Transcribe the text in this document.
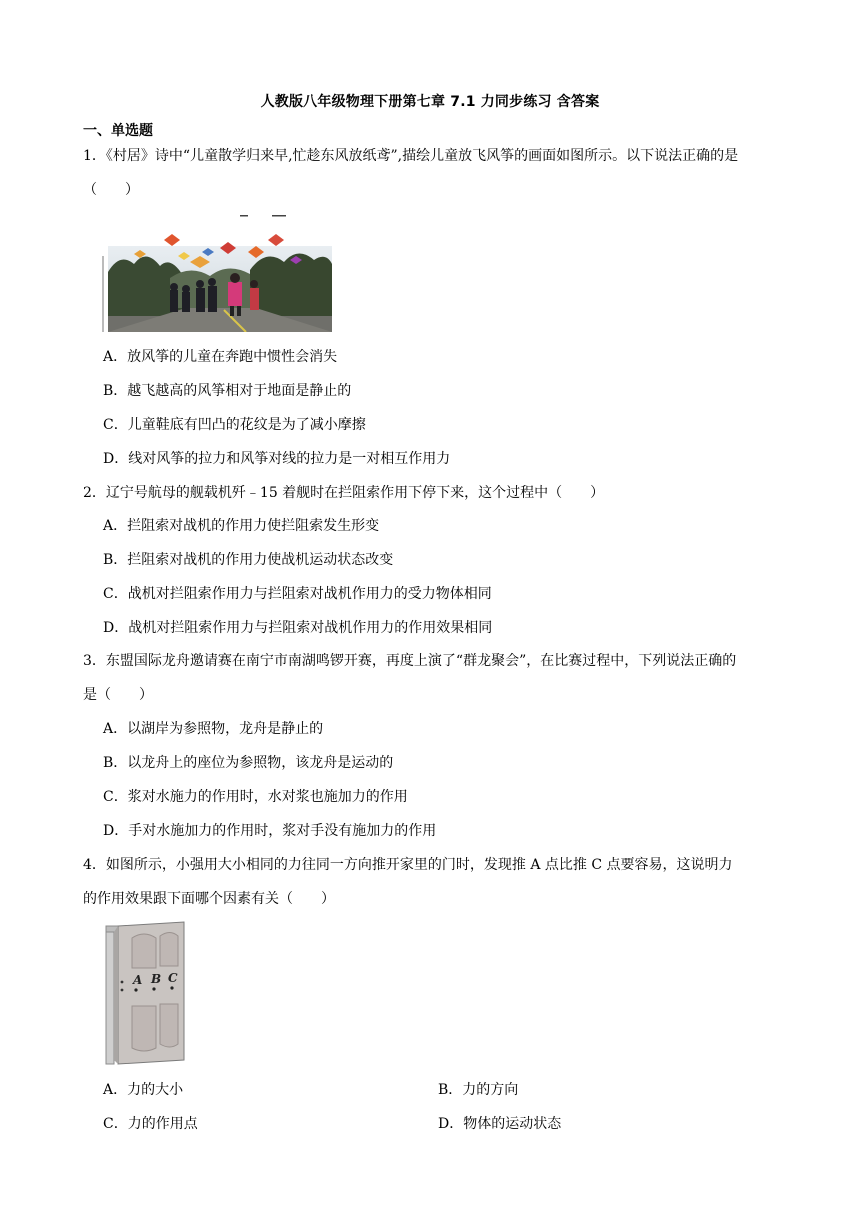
人教版八年级物理下册第七章 7.1 力同步练习 含答案
一、单选题
1．《村居》诗中“儿童散学归来早,忙趁东风放纸鸢”,描绘儿童放飞风筝的画面如图所示。以下说法正确的是
（　　）
A．放风筝的儿童在奔跑中惯性会消失
B．越飞越高的风筝相对于地面是静止的
C．儿童鞋底有凹凸的花纹是为了减小摩擦
D．线对风筝的拉力和风筝对线的拉力是一对相互作用力
2．辽宁号航母的舰载机歼﹣15 着舰时在拦阻索作用下停下来，这个过程中（　　）
A．拦阻索对战机的作用力使拦阻索发生形变
B．拦阻索对战机的作用力使战机运动状态改变
C．战机对拦阻索作用力与拦阻索对战机作用力的受力物体相同
D．战机对拦阻索作用力与拦阻索对战机作用力的作用效果相同
3．东盟国际龙舟邀请赛在南宁市南湖鸣锣开赛，再度上演了“群龙聚会”，在比赛过程中，下列说法正确的
是（　　）
A．以湖岸为参照物，龙舟是静止的
B．以龙舟上的座位为参照物，该龙舟是运动的
C．浆对水施力的作用时，水对浆也施加力的作用
D．手对水施加力的作用时，浆对手没有施加力的作用
4．如图所示，小强用大小相同的力往同一方向推开家里的门时，发现推 A 点比推 C 点要容易，这说明力
的作用效果跟下面哪个因素有关（　　）
A B C
A．力的大小	B．力的方向
C．力的作用点	D．物体的运动状态
